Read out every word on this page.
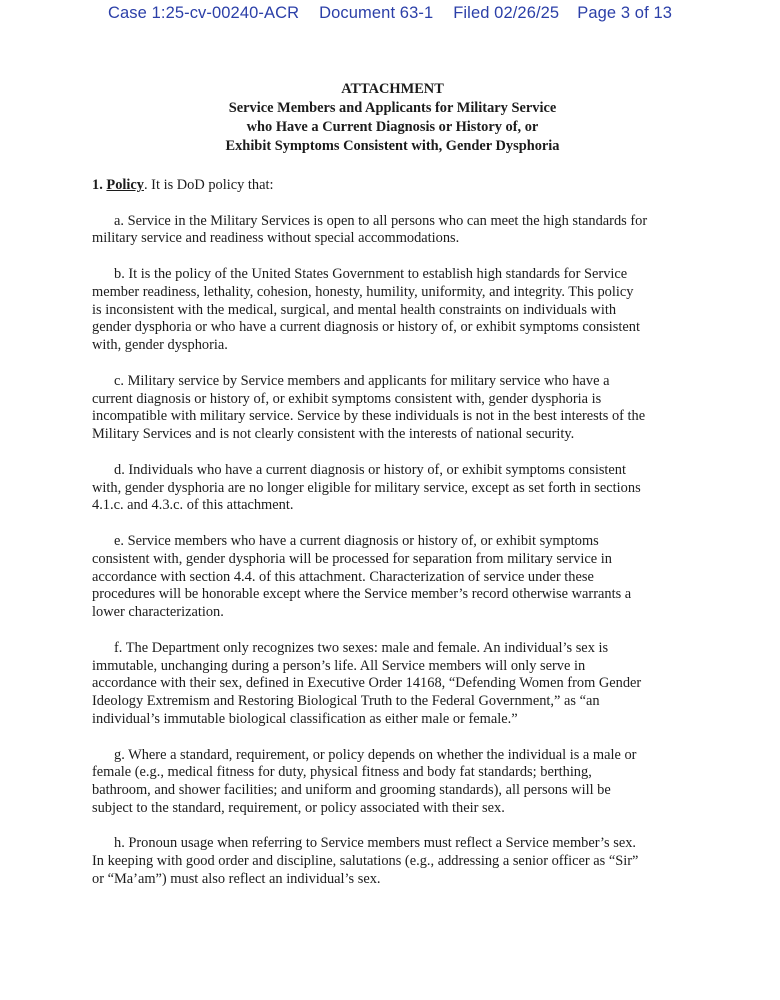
Case 1:25-cv-00240-ACR Document 63-1 Filed 02/26/25 Page 3 of 13
ATTACHMENT
Service Members and Applicants for Military Service
who Have a Current Diagnosis or History of, or
Exhibit Symptoms Consistent with, Gender Dysphoria
1. Policy. It is DoD policy that:

a. Service in the Military Services is open to all persons who can meet the high standards for
military service and readiness without special accommodations.

b. It is the policy of the United States Government to establish high standards for Service
member readiness, lethality, cohesion, honesty, humility, uniformity, and integrity. This policy
is inconsistent with the medical, surgical, and mental health constraints on individuals with
gender dysphoria or who have a current diagnosis or history of, or exhibit symptoms consistent
with, gender dysphoria.

c. Military service by Service members and applicants for military service who have a
current diagnosis or history of, or exhibit symptoms consistent with, gender dysphoria is
incompatible with military service. Service by these individuals is not in the best interests of the
Military Services and is not clearly consistent with the interests of national security.

d. Individuals who have a current diagnosis or history of, or exhibit symptoms consistent
with, gender dysphoria are no longer eligible for military service, except as set forth in sections
4.1.c. and 4.3.c. of this attachment.

e. Service members who have a current diagnosis or history of, or exhibit symptoms
consistent with, gender dysphoria will be processed for separation from military service in
accordance with section 4.4. of this attachment. Characterization of service under these
procedures will be honorable except where the Service member’s record otherwise warrants a
lower characterization.

f. The Department only recognizes two sexes: male and female. An individual’s sex is
immutable, unchanging during a person’s life. All Service members will only serve in
accordance with their sex, defined in Executive Order 14168, “Defending Women from Gender
Ideology Extremism and Restoring Biological Truth to the Federal Government,” as “an
individual’s immutable biological classification as either male or female.”

g. Where a standard, requirement, or policy depends on whether the individual is a male or
female (e.g., medical fitness for duty, physical fitness and body fat standards; berthing,
bathroom, and shower facilities; and uniform and grooming standards), all persons will be
subject to the standard, requirement, or policy associated with their sex.

h. Pronoun usage when referring to Service members must reflect a Service member’s sex.
In keeping with good order and discipline, salutations (e.g., addressing a senior officer as “Sir”
or “Ma’am”) must also reflect an individual’s sex.
